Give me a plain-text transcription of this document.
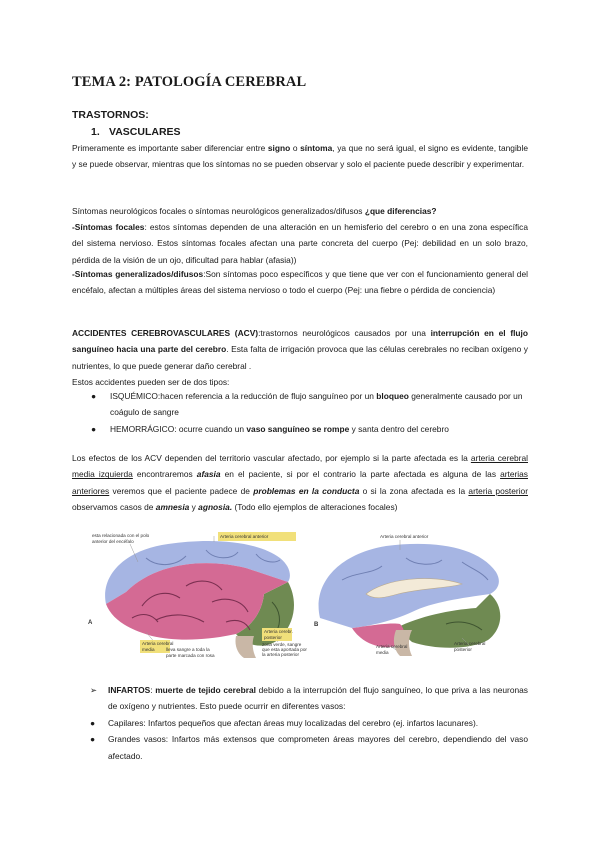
TEMA 2: PATOLOGÍA CEREBRAL
TRASTORNOS:
1. VASCULARES
Primeramente es importante saber diferenciar entre signo o síntoma, ya que no será igual, el signo es evidente, tangible y se puede observar, mientras que los síntomas no se pueden observar y solo el paciente puede describir y experimentar.
Síntomas neurológicos focales o síntomas neurológicos generalizados/difusos ¿que diferencias?
-Síntomas focales: estos síntomas dependen de una alteración en un hemisferio del cerebro o en una zona específica del sistema nervioso. Estos síntomas focales afectan una parte concreta del cuerpo (Pej: debilidad en un solo brazo, pérdida de la visión de un ojo, dificultad para hablar (afasia))
-Síntomas generalizados/difusos:Son síntomas poco específicos y que tiene que ver con el funcionamiento general del encéfalo, afectan a múltiples áreas del sistema nervioso o todo el cuerpo (Pej: una fiebre o pérdida de conciencia)
ACCIDENTES CEREBROVASCULARES (ACV):trastornos neurológicos causados por una interrupción en el flujo sanguíneo hacia una parte del cerebro. Esta falta de irrigación provoca que las células cerebrales no reciban oxígeno y nutrientes, lo que puede generar daño cerebral .
Estos accidentes pueden ser de dos tipos:
● ISQUÉMICO:hacen referencia a la reducción de flujo sanguíneo por un bloqueo generalmente causado por un coágulo de sangre
● HEMORRÁGICO: ocurre cuando un vaso sanguíneo se rompe y santa dentro del cerebro
Los efectos de los ACV dependen del territorio vascular afectado, por ejemplo si la parte afectada es la arteria cerebral media izquierda encontraremos afasia en el paciente, si por el contrario la parte afectada es alguna de las arterias anteriores veremos que el paciente padece de problemas en la conducta o si la zona afectada es la arteria posterior observamos casos de amnesia y agnosia. (Todo ello ejemplos de alteraciones focales)
esta relacionada con el polo
anterior del encéfalo
Arteria cerebral anterior
Arteria cerebral
media lleva sangre a toda la
parte marcada con rosa
Arteria cerebr.
posterior
zona verde, sangre
que esta aportada por
la arteria posterior
A
Arteria cerebral anterior
Arteria cerebral
media
Arteria cerebral
posterior
B
➢ INFARTOS: muerte de tejido cerebral debido a la interrupción del flujo sanguíneo, lo que priva a las neuronas de oxígeno y nutrientes. Esto puede ocurrir en diferentes vasos:
● Capilares: Infartos pequeños que afectan áreas muy localizadas del cerebro (ej. infartos lacunares).
● Grandes vasos: Infartos más extensos que comprometen áreas mayores del cerebro, dependiendo del vaso afectado.
